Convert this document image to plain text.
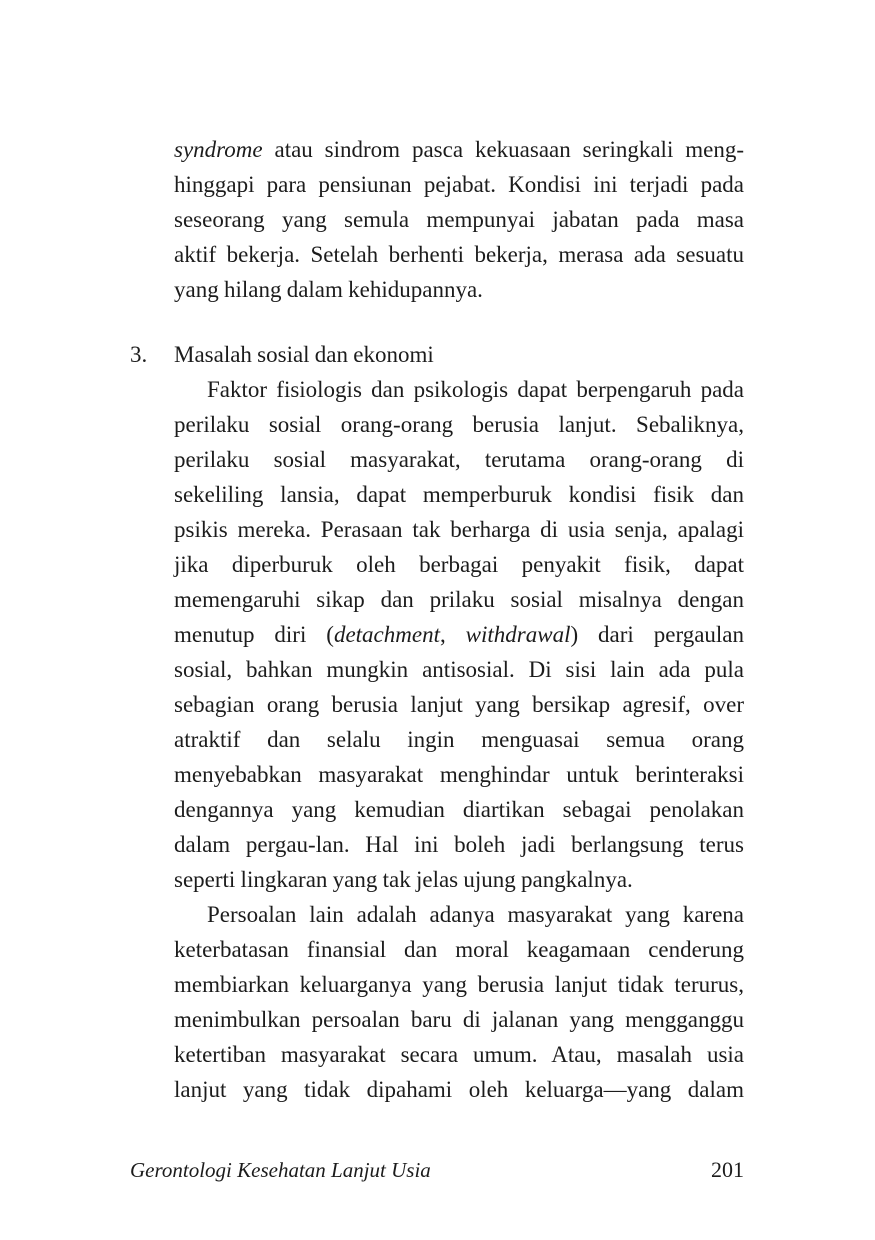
syndrome atau sindrom pasca kekuasaan seringkali meng-
hinggapi para pensiunan pejabat. Kondisi ini terjadi pada
seseorang yang semula mempunyai jabatan pada masa
aktif bekerja. Setelah berhenti bekerja, merasa ada sesuatu
yang hilang dalam kehidupannya.
3. Masalah sosial dan ekonomi
Faktor fisiologis dan psikologis dapat berpengaruh pada
perilaku sosial orang-orang berusia lanjut. Sebaliknya,
perilaku sosial masyarakat, terutama orang-orang di
sekeliling lansia, dapat memperburuk kondisi fisik dan
psikis mereka. Perasaan tak berharga di usia senja, apalagi
jika diperburuk oleh berbagai penyakit fisik, dapat
memengaruhi sikap dan prilaku sosial misalnya dengan
menutup diri (detachment, withdrawal) dari pergaulan
sosial, bahkan mungkin antisosial. Di sisi lain ada pula
sebagian orang berusia lanjut yang bersikap agresif, over
atraktif dan selalu ingin menguasai semua orang
menyebabkan masyarakat menghindar untuk berinteraksi
dengannya yang kemudian diartikan sebagai penolakan
dalam pergau-lan. Hal ini boleh jadi berlangsung terus
seperti lingkaran yang tak jelas ujung pangkalnya.
Persoalan lain adalah adanya masyarakat yang karena
keterbatasan finansial dan moral keagamaan cenderung
membiarkan keluarganya yang berusia lanjut tidak terurus,
menimbulkan persoalan baru di jalanan yang mengganggu
ketertiban masyarakat secara umum. Atau, masalah usia
lanjut yang tidak dipahami oleh keluarga—yang dalam
Gerontologi Kesehatan Lanjut Usia	201
